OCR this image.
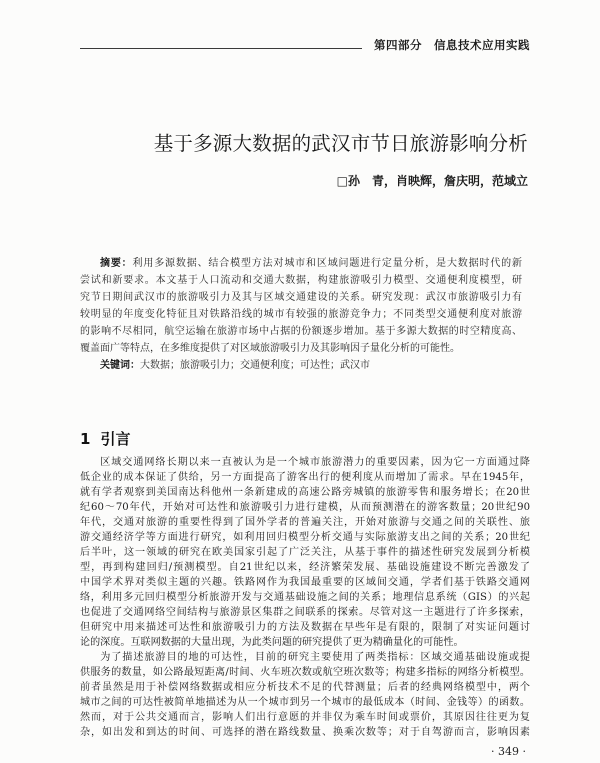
第四部分　信息技术应用实践
基于多源大数据的武汉市节日旅游影响分析
□孙　青，肖映辉，詹庆明，范域立
摘要：利用多源数据、结合模型方法对城市和区域问题进行定量分析，是大数据时代的新
尝试和新要求。本文基于人口流动和交通大数据，构建旅游吸引力模型、交通便利度模型，研
究节日期间武汉市的旅游吸引力及其与区域交通建设的关系。研究发现：武汉市旅游吸引力有
较明显的年度变化特征且对铁路沿线的城市有较强的旅游竞争力；不同类型交通便利度对旅游
的影响不尽相同，航空运输在旅游市场中占据的份额逐步增加。基于多源大数据的时空精度高、
覆盖面广等特点，在多维度提供了对区域旅游吸引力及其影响因子量化分析的可能性。
关键词：大数据；旅游吸引力；交通便利度；可达性；武汉市
1 引言
区域交通网络长期以来一直被认为是一个城市旅游潜力的重要因素，因为它一方面通过降
低企业的成本保证了供给，另一方面提高了游客出行的便利度从而增加了需求。早在1945年，
就有学者观察到美国南达科他州一条新建成的高速公路旁城镇的旅游零售和服务增长；在20世
纪60～70年代，开始对可达性和旅游吸引力进行建模，从而预测潜在的游客数量；20世纪90
年代，交通对旅游的重要性得到了国外学者的普遍关注，开始对旅游与交通之间的关联性、旅
游交通经济学等方面进行研究，如利用回归模型分析交通与实际旅游支出之间的关系；20世纪
后半叶，这一领域的研究在欧美国家引起了广泛关注，从基于事件的描述性研究发展到分析模
型，再到构建回归/预测模型。自21世纪以来，经济繁荣发展、基础设施建设不断完善激发了
中国学术界对类似主题的兴趣。铁路网作为我国最重要的区域间交通，学者们基于铁路交通网
络，利用多元回归模型分析旅游开发与交通基础设施之间的关系；地理信息系统（GIS）的兴起
也促进了交通网络空间结构与旅游景区集群之间联系的探索。尽管对这一主题进行了许多探索，
但研究中用来描述可达性和旅游吸引力的方法及数据在早些年是有限的，限制了对实证问题讨
论的深度。互联网数据的大量出现，为此类问题的研究提供了更为精确量化的可能性。
为了描述旅游目的地的可达性，目前的研究主要使用了两类指标：区域交通基础设施或提
供服务的数量，如公路最短距离/时间、火车班次数或航空班次数等；构建多指标的网络分析模型。
前者虽然是用于补偿网络数据或相应分析技术不足的代替测量；后者的经典网络模型中，两个
城市之间的可达性被简单地描述为从一个城市到另一个城市的最低成本（时间、金钱等）的函数。
然而，对于公共交通而言，影响人们出行意愿的并非仅为乘车时间或票价，其原因往往更为复
杂，如出发和到达的时间、可选择的潜在路线数量、换乘次数等；对于自驾游而言，影响因素
· 349 ·
